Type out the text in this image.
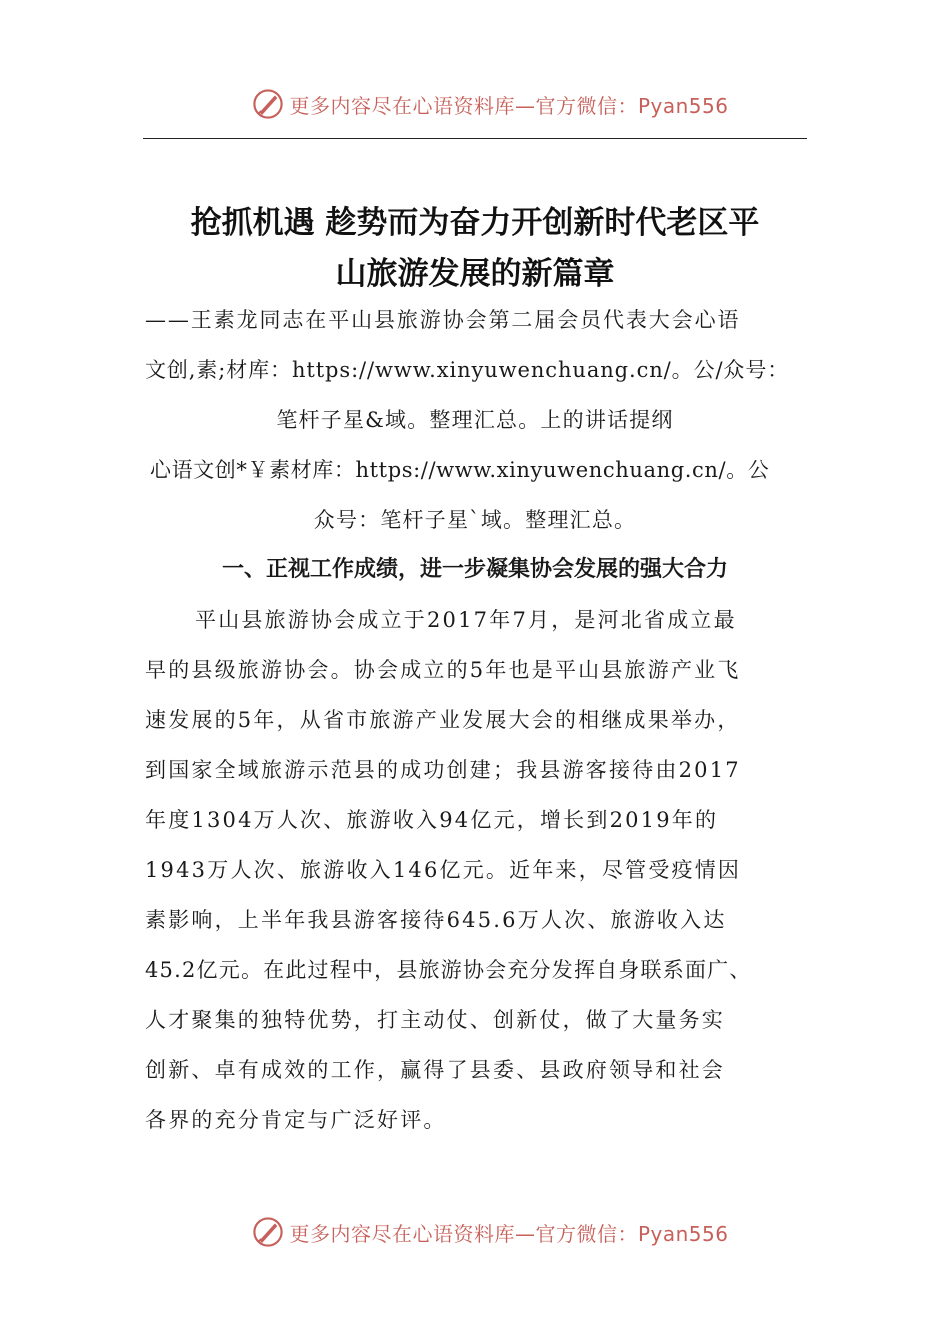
更多内容尽在心语资料库—官方微信：Pyan556
抢抓机遇 趁势而为奋力开创新时代老区平
山旅游发展的新篇章
——王素龙同志在平山县旅游协会第二届会员代表大会心语
文创,素;材库：https://www.xinyuwenchuang.cn/。公/众号：
笔杆子星&域。整理汇总。上的讲话提纲
心语文创*￥素材库：https://www.xinyuwenchuang.cn/。公
众号：笔杆子星`域。整理汇总。
一、正视工作成绩，进一步凝集协会发展的强大合力
平山县旅游协会成立于2017年7月，是河北省成立最
早的县级旅游协会。协会成立的5年也是平山县旅游产业飞
速发展的5年，从省市旅游产业发展大会的相继成果举办，
到国家全域旅游示范县的成功创建；我县游客接待由2017
年度1304万人次、旅游收入94亿元，增长到2019年的
1943万人次、旅游收入146亿元。近年来，尽管受疫情因
素影响，上半年我县游客接待645.6万人次、旅游收入达
45.2亿元。在此过程中，县旅游协会充分发挥自身联系面广、
人才聚集的独特优势，打主动仗、创新仗，做了大量务实
创新、卓有成效的工作，赢得了县委、县政府领导和社会
各界的充分肯定与广泛好评。
更多内容尽在心语资料库—官方微信：Pyan556
